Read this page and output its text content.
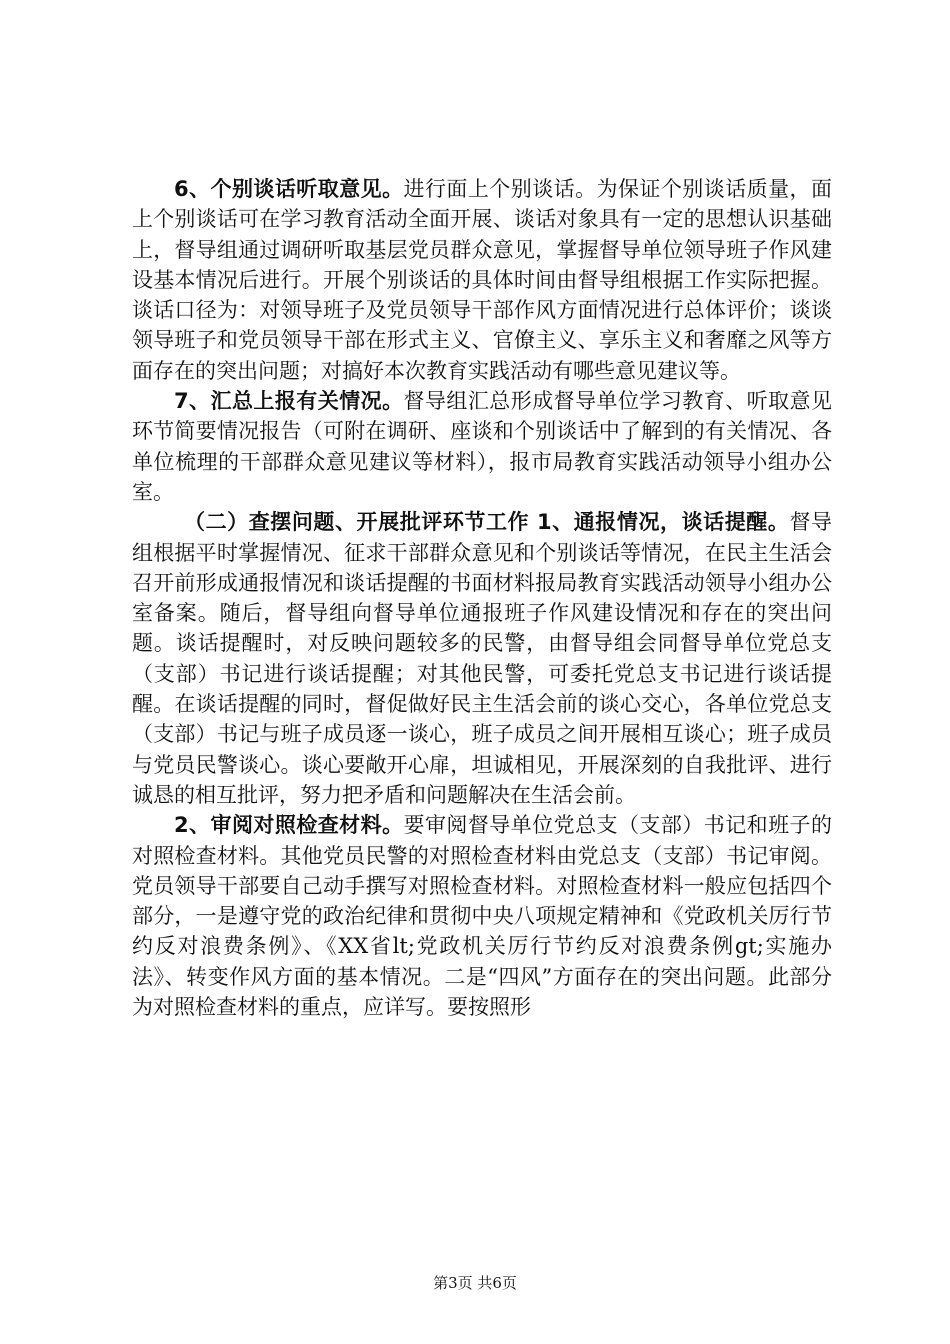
6、个别谈话听取意见。进行面上个别谈话。为保证个别谈话质量，面上个别谈话可在学习教育活动全面开展、谈话对象具有一定的思想认识基础上，督导组通过调研听取基层党员群众意见，掌握督导单位领导班子作风建设基本情况后进行。开展个别谈话的具体时间由督导组根据工作实际把握。谈话口径为：对领导班子及党员领导干部作风方面情况进行总体评价；谈谈领导班子和党员领导干部在形式主义、官僚主义、享乐主义和奢靡之风等方面存在的突出问题；对搞好本次教育实践活动有哪些意见建议等。

7、汇总上报有关情况。督导组汇总形成督导单位学习教育、听取意见环节简要情况报告（可附在调研、座谈和个别谈话中了解到的有关情况、各单位梳理的干部群众意见建议等材料），报市局教育实践活动领导小组办公室。

（二）查摆问题、开展批评环节工作 1、通报情况，谈话提醒。督导组根据平时掌握情况、征求干部群众意见和个别谈话等情况，在民主生活会召开前形成通报情况和谈话提醒的书面材料报局教育实践活动领导小组办公室备案。随后，督导组向督导单位通报班子作风建设情况和存在的突出问题。谈话提醒时，对反映问题较多的民警，由督导组会同督导单位党总支（支部）书记进行谈话提醒；对其他民警，可委托党总支书记进行谈话提醒。在谈话提醒的同时，督促做好民主生活会前的谈心交心，各单位党总支（支部）书记与班子成员逐一谈心，班子成员之间开展相互谈心；班子成员与党员民警谈心。谈心要敞开心扉，坦诚相见，开展深刻的自我批评、进行诚恳的相互批评，努力把矛盾和问题解决在生活会前。

2、审阅对照检查材料。要审阅督导单位党总支（支部）书记和班子的对照检查材料。其他党员民警的对照检查材料由党总支（支部）书记审阅。党员领导干部要自己动手撰写对照检查材料。对照检查材料一般应包括四个部分，一是遵守党的政治纪律和贯彻中央八项规定精神和《党政机关厉行节约反对浪费条例》、《XX省lt;党政机关厉行节约反对浪费条例gt;实施办法》、转变作风方面的基本情况。二是“四风”方面存在的突出问题。此部分为对照检查材料的重点，应详写。要按照形

第3页 共6页
